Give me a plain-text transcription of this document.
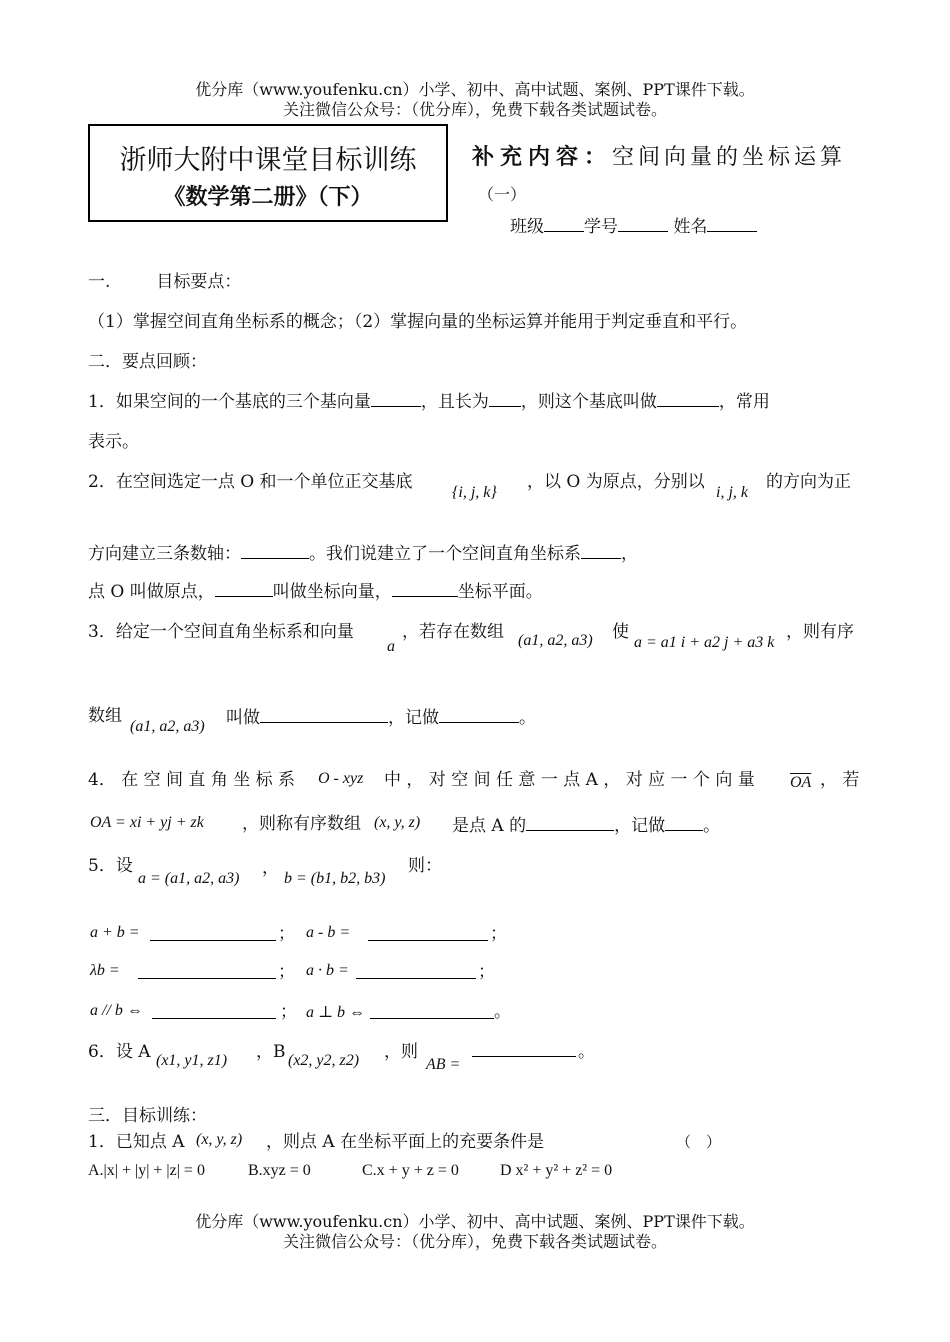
优分库（www.youfenku.cn）小学、初中、高中试题、案例、PPT课件下载。
关注微信公众号：（优分库），免费下载各类试题试卷。
浙师大附中课堂目标训练
《数学第二册》（下）
补充内容：空间向量的坐标运算
（一）
班级 学号	姓名
一.	目标要点：
（1）掌握空间直角坐标系的概念；（2）掌握向量的坐标运算并能用于判定垂直和平行。
二．要点回顾：
1．如果空间的一个基底的三个基向量	，且长为 ，则这个基底叫做	，常用
表示。
2．在空间选定一点 O 和一个单位正交基底
{i, j, k}
，以 O 为原点，分别以
i, j, k
的方向为正
方向建立三条数轴：	。我们说建立了一个空间直角坐标系 ，
点 O 叫做原点，	叫做坐标向量，	坐标平面。
3．给定一个空间直角坐标系和向量
a
，若存在数组 (a1, a2, a3) 使
a = a1 i + a2 j + a3 k
，则有序
数组
(a1, a2, a3) 叫做	，记做	。
4． 在 空 间 直 角 坐 标 系 O - xyz 中 ， 对 空 间 任 意 一 点 A ， 对 应 一 个 向 量 $\overline{OA}$ ， 若
OA = xi + yj + zk ，则称有序数组 (x, y, z) 是点 A 的	，记做 。
5．设
a = (a1, a2, a3)
，
b = (b1, b2, b3)
则：
a + b =	； a - b =	；
λb =	； a · b =	；
a // b ⇔	； a ⊥ b ⇔	。
6．设 A (x1, y1, z1) ，B (x2, y2, z2) ，则
AB =
。
三．目标训练：
1．已知点 A (x, y, z) ，则点 A 在坐标平面上的充要条件是	（　）
A.|x| + |y| + |z| = 0	B.xyz = 0	C.x + y + z = 0	D x² + y² + z² = 0
优分库（www.youfenku.cn）小学、初中、高中试题、案例、PPT课件下载。
关注微信公众号：（优分库），免费下载各类试题试卷。
